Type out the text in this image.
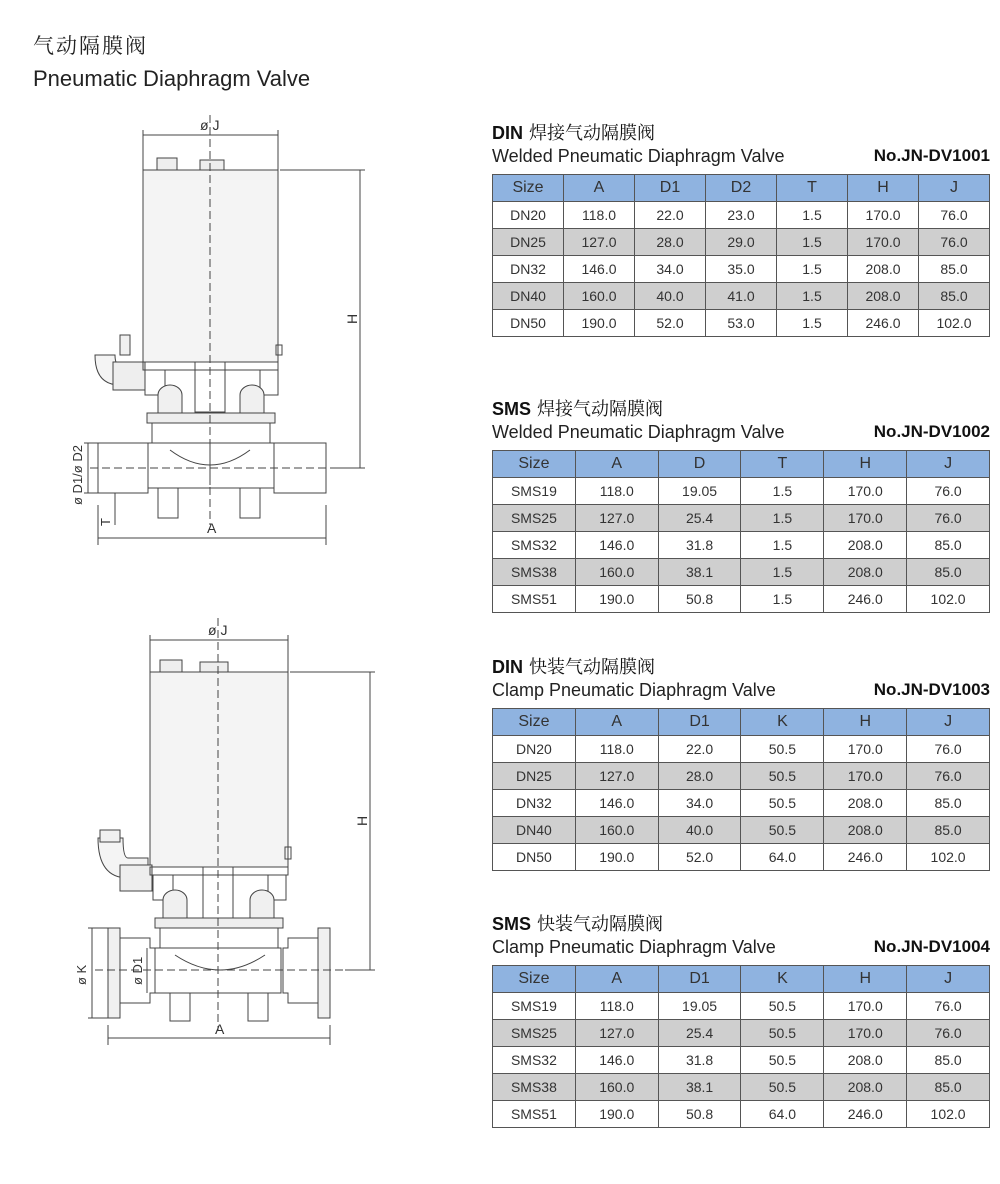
气动隔膜阀
Pneumatic Diaphragm Valve
ø J
H
ø D1/ø D2
T	A
ø J
H
ø K	ø D1
A
DIN 焊接气动隔膜阀
Welded Pneumatic Diaphragm Valve	No.JN-DV1001
Size	A	D1	D2	T	H	J
DN20	118.0	22.0	23.0	1.5	170.0	76.0
DN25	127.0	28.0	29.0	1.5	170.0	76.0
DN32	146.0	34.0	35.0	1.5	208.0	85.0
DN40	160.0	40.0	41.0	1.5	208.0	85.0
DN50	190.0	52.0	53.0	1.5	246.0	102.0
SMS 焊接气动隔膜阀
Welded Pneumatic Diaphragm Valve	No.JN-DV1002
Size	A	D	T	H	J
SMS19	118.0	19.05	1.5	170.0	76.0
SMS25	127.0	25.4	1.5	170.0	76.0
SMS32	146.0	31.8	1.5	208.0	85.0
SMS38	160.0	38.1	1.5	208.0	85.0
SMS51	190.0	50.8	1.5	246.0	102.0
DIN 快装气动隔膜阀
Clamp Pneumatic Diaphragm Valve	No.JN-DV1003
Size	A	D1	K	H	J
DN20	118.0	22.0	50.5	170.0	76.0
DN25	127.0	28.0	50.5	170.0	76.0
DN32	146.0	34.0	50.5	208.0	85.0
DN40	160.0	40.0	50.5	208.0	85.0
DN50	190.0	52.0	64.0	246.0	102.0
SMS 快装气动隔膜阀
Clamp Pneumatic Diaphragm Valve	No.JN-DV1004
Size	A	D1	K	H	J
SMS19	118.0	19.05	50.5	170.0	76.0
SMS25	127.0	25.4	50.5	170.0	76.0
SMS32	146.0	31.8	50.5	208.0	85.0
SMS38	160.0	38.1	50.5	208.0	85.0
SMS51	190.0	50.8	64.0	246.0	102.0
